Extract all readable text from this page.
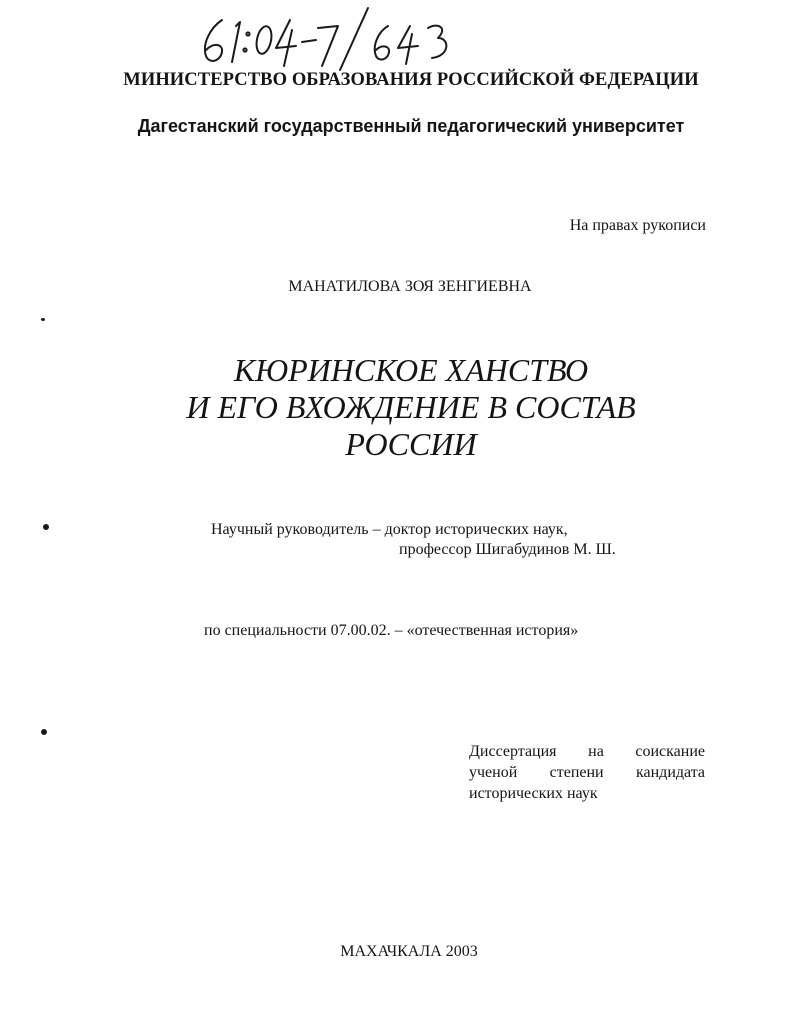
МИНИСТЕРСТВО ОБРАЗОВАНИЯ РОССИЙСКОЙ ФЕДЕРАЦИИ
Дагестанский государственный педагогический университет
На правах рукописи
МАНАТИЛОВА ЗОЯ ЗЕНГИЕВНА
КЮРИНСКОЕ ХАНСТВО
И ЕГО ВХОЖДЕНИЕ В СОСТАВ
РОССИИ
Научный руководитель – доктор исторических наук,
профессор Шигабудинов М. Ш.
по специальности 07.00.02. – «отечественная история»
Диссертация на соискание
ученой степени кандидата
исторических наук
МАХАЧКАЛА 2003
